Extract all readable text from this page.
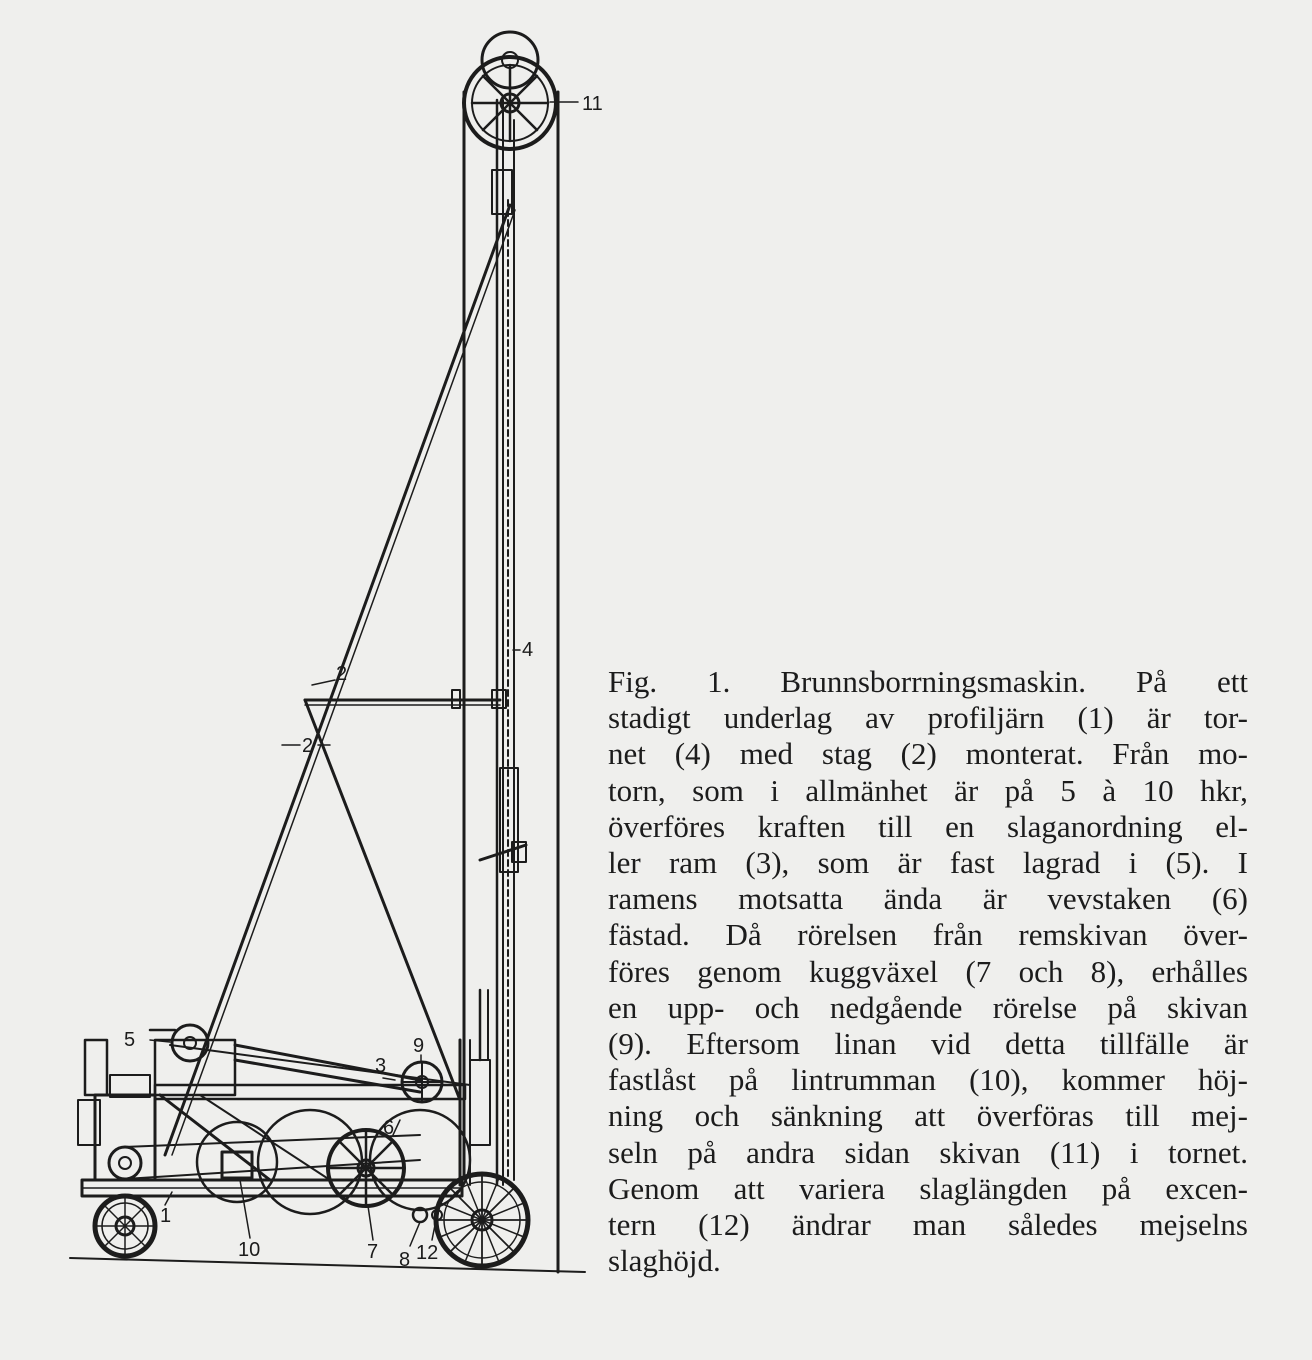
11
4
2
2
5
3
9
6
1
10	7 8 12
Fig. 1. Brunnsborrningsmaskin. På ett
stadigt underlag av profiljärn (1) är tor-
net (4) med stag (2) monterat. Från mo-
torn, som i allmänhet är på 5 à 10 hkr,
överföres kraften till en slaganordning el-
ler ram (3), som är fast lagrad i (5). I
ramens motsatta ända är vevstaken (6)
fästad. Då rörelsen från remskivan över-
föres genom kuggväxel (7 och 8), erhålles
en upp- och nedgående rörelse på skivan
(9). Eftersom linan vid detta tillfälle är
fastlåst på lintrumman (10), kommer höj-
ning och sänkning att överföras till mej-
seln på andra sidan skivan (11) i tornet.
Genom att variera slaglängden på excen-
tern (12) ändrar man således mejselns
slaghöjd.
